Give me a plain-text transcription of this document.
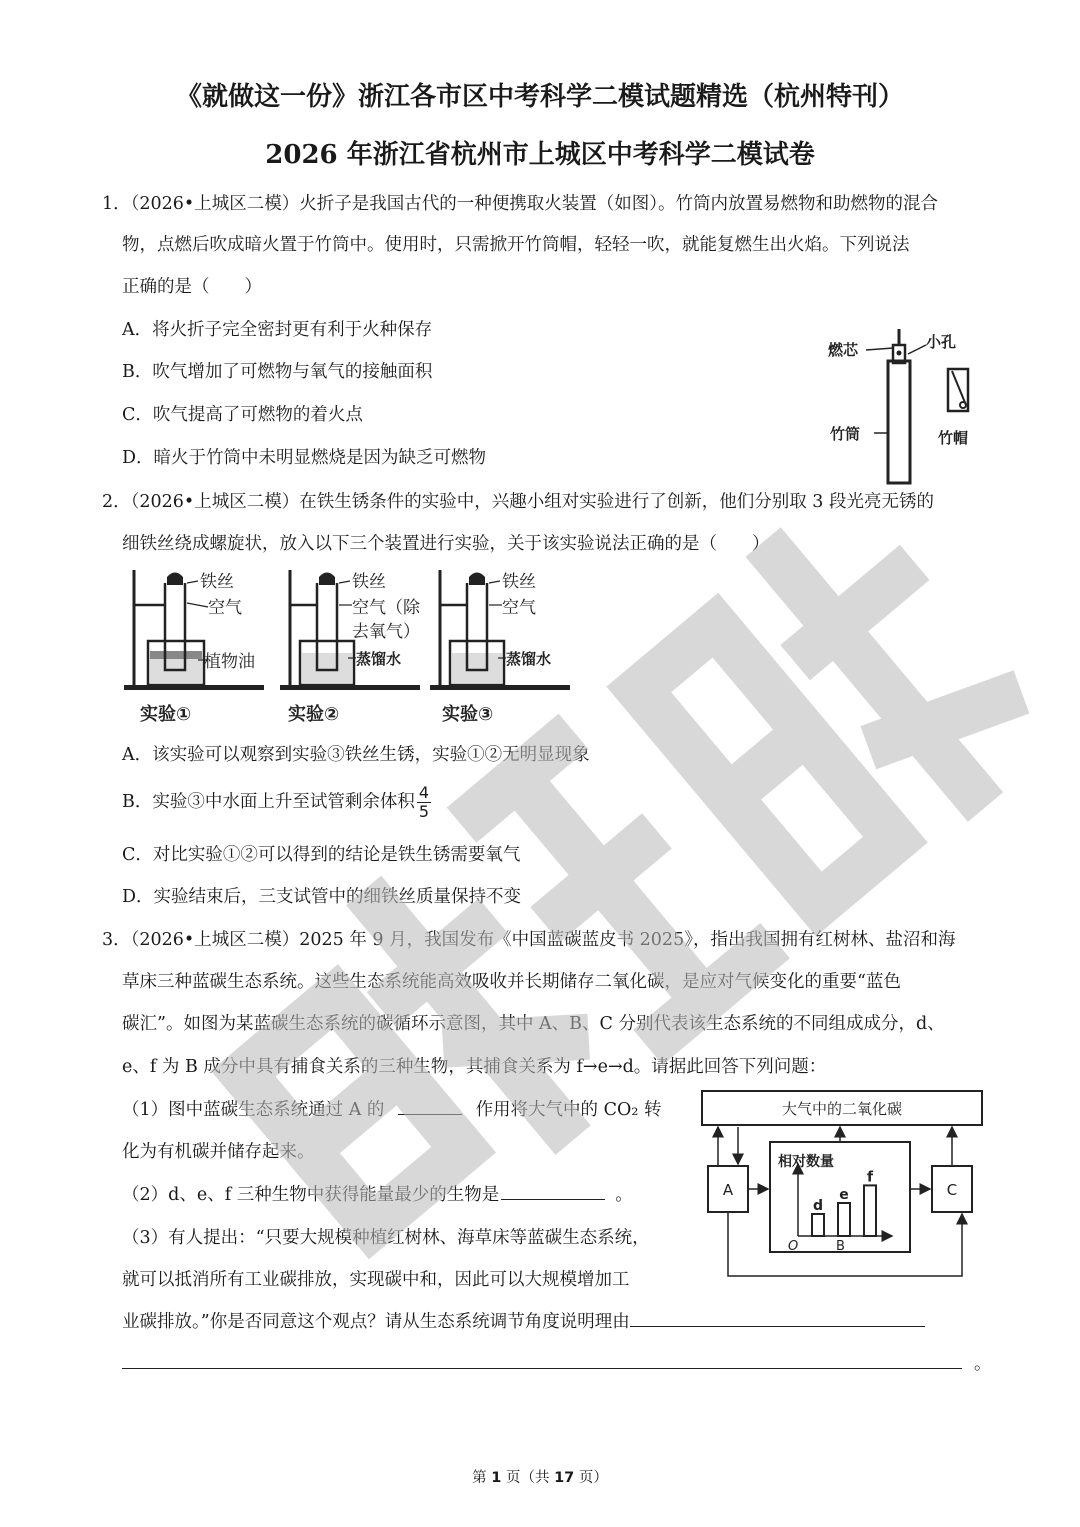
《就做这一份》浙江各市区中考科学二模试题精选（杭州特刊）
2026 年浙江省杭州市上城区中考科学二模试卷
1．（2026•上城区二模）火折子是我国古代的一种便携取火装置（如图）。竹筒内放置易燃物和助燃物的混合
物，点燃后吹成暗火置于竹筒中。使用时，只需掀开竹筒帽，轻轻一吹，就能复燃生出火焰。下列说法
正确的是（　　）
A．将火折子完全密封更有利于火种保存
B．吹气增加了可燃物与氧气的接触面积
C．吹气提高了可燃物的着火点
D．暗火于竹筒中未明显燃烧是因为缺乏可燃物
燃芯	小孔
竹筒	竹帽
2．（2026•上城区二模）在铁生锈条件的实验中，兴趣小组对实验进行了创新，他们分别取 3 段光亮无锈的
细铁丝绕成螺旋状，放入以下三个装置进行实验，关于该实验说法正确的是（　　）
铁丝
空气
植物油
实验①
铁丝
空气（除
去氧气）
蒸馏水
实验②
铁丝
空气
蒸馏水
实验③
A．该实验可以观察到实验③铁丝生锈，实验①②无明显现象
B．实验③中水面上升至试管剩余体积 $\frac{4}{5}$
C．对比实验①②可以得到的结论是铁生锈需要氧气
D．实验结束后，三支试管中的细铁丝质量保持不变
3．（2026•上城区二模）2025 年 9 月，我国发布《中国蓝碳蓝皮书 2025》，指出我国拥有红树林、盐沼和海
草床三种蓝碳生态系统。这些生态系统能高效吸收并长期储存二氧化碳，是应对气候变化的重要“蓝色
碳汇”。如图为某蓝碳生态系统的碳循环示意图，其中 A、B、C 分别代表该生态系统的不同组成成分，d、
e、f 为 B 成分中具有捕食关系的三种生物，其捕食关系为 f→e→d。请据此回答下列问题：
（1）图中蓝碳生态系统通过 A 的	作用将大气中的 CO₂ 转
化为有机碳并储存起来。
（2）d、e、f 三种生物中获得能量最少的生物是	。
（3）有人提出：“只要大规模种植红树林、海草床等蓝碳生态系统，
就可以抵消所有工业碳排放，实现碳中和，因此可以大规模增加工
业碳排放。”你是否同意这个观点？请从生态系统调节角度说明理由
。
大气中的二氧化碳
A	C
相对数量
O	B
d
e
f
第 1 页（共 17 页）
